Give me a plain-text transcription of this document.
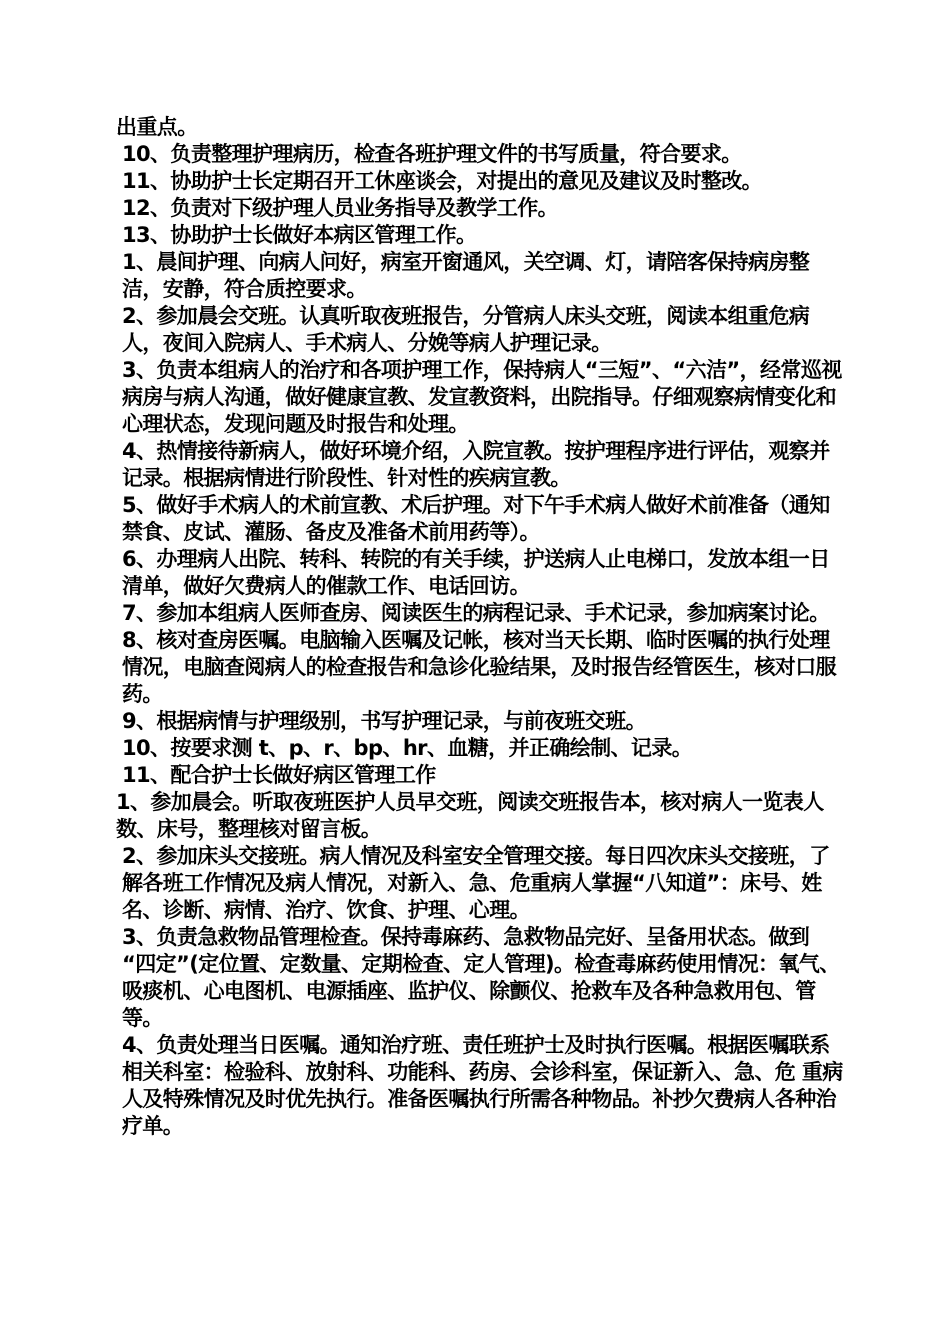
出重点。

10、负责整理护理病历，检查各班护理文件的书写质量，符合要求。

11、协助护士长定期召开工休座谈会，对提出的意见及建议及时整改。

12、负责对下级护理人员业务指导及教学工作。

13、协助护士长做好本病区管理工作。

1、晨间护理、向病人问好，病室开窗通风，关空调、灯，请陪客保持病房整洁，安静，符合质控要求。

2、参加晨会交班。认真听取夜班报告，分管病人床头交班，阅读本组重危病人，夜间入院病人、手术病人、分娩等病人护理记录。

3、负责本组病人的治疗和各项护理工作，保持病人“三短”、“六洁”，经常巡视病房与病人沟通，做好健康宣教、发宣教资料，出院指导。仔细观察病情变化和心理状态，发现问题及时报告和处理。

4、热情接待新病人，做好环境介绍，入院宣教。按护理程序进行评估，观察并记录。根据病情进行阶段性、针对性的疾病宣教。

5、做好手术病人的术前宣教、术后护理。对下午手术病人做好术前准备（通知禁食、皮试、灌肠、备皮及准备术前用药等）。

6、办理病人出院、转科、转院的有关手续，护送病人止电梯口，发放本组一日清单，做好欠费病人的催款工作、电话回访。

7、参加本组病人医师查房、阅读医生的病程记录、手术记录，参加病案讨论。

8、核对查房医嘱。电脑输入医嘱及记帐，核对当天长期、临时医嘱的执行处理情况，电脑查阅病人的检查报告和急诊化验结果，及时报告经管医生，核对口服药。

9、根据病情与护理级别，书写护理记录，与前夜班交班。

10、按要求测 t、p、r、bp、hr、血糖，并正确绘制、记录。

11、配合护士长做好病区管理工作

1、参加晨会。听取夜班医护人员早交班，阅读交班报告本，核对病人一览表人数、床号，整理核对留言板。

2、参加床头交接班。病人情况及科室安全管理交接。每日四次床头交接班，了解各班工作情况及病人情况，对新入、急、危重病人掌握“八知道”：床号、姓名、诊断、病情、治疗、饮食、护理、心理。

3、负责急救物品管理检查。保持毒麻药、急救物品完好、呈备用状态。做到 “四定”(定位置、定数量、定期检查、定人管理)。检查毒麻药使用情况：氧气、吸痰机、心电图机、电源插座、监护仪、除颤仪、抢救车及各种急救用包、管等。

4、负责处理当日医嘱。通知治疗班、责任班护士及时执行医嘱。根据医嘱联系相关科室：检验科、放射科、功能科、药房、会诊科室，保证新入、急、危 重病人及特殊情况及时优先执行。准备医嘱执行所需各种物品。补抄欠费病人各种治疗单。
